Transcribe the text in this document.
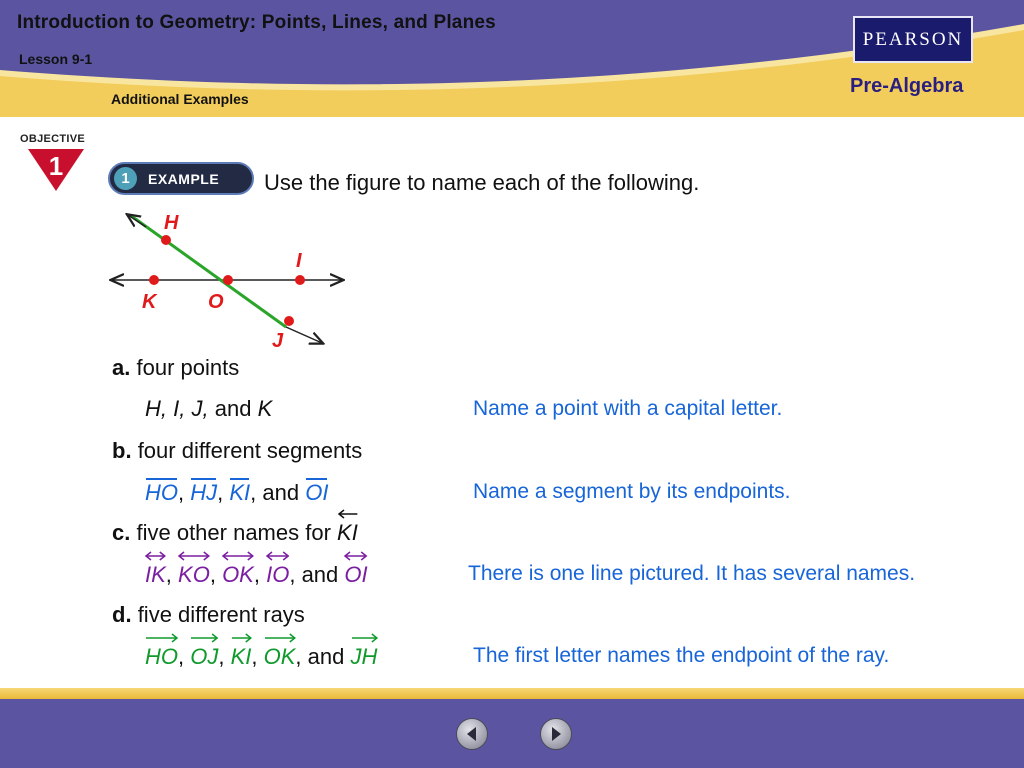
Introduction to Geometry: Points, Lines, and Planes
Lesson 9-1
Additional Examples
PEARSON
Pre-Algebra
OBJECTIVE
1	1	EXAMPLE Use the figure to name each of the following.
H
I
K	O
J
a. four points
H, I, J, and K	Name a point with a capital letter.
b. four different segments
HO, HJ, KI, and OI	Name a segment by its endpoints.
c. five other names for KI
IK,
KO,
OK,
IO, and OI	There is one line pictured. It has several names.
d. five different rays
HO,
OJ,
KI,
OK, and JH	The first letter names the endpoint of the ray.
